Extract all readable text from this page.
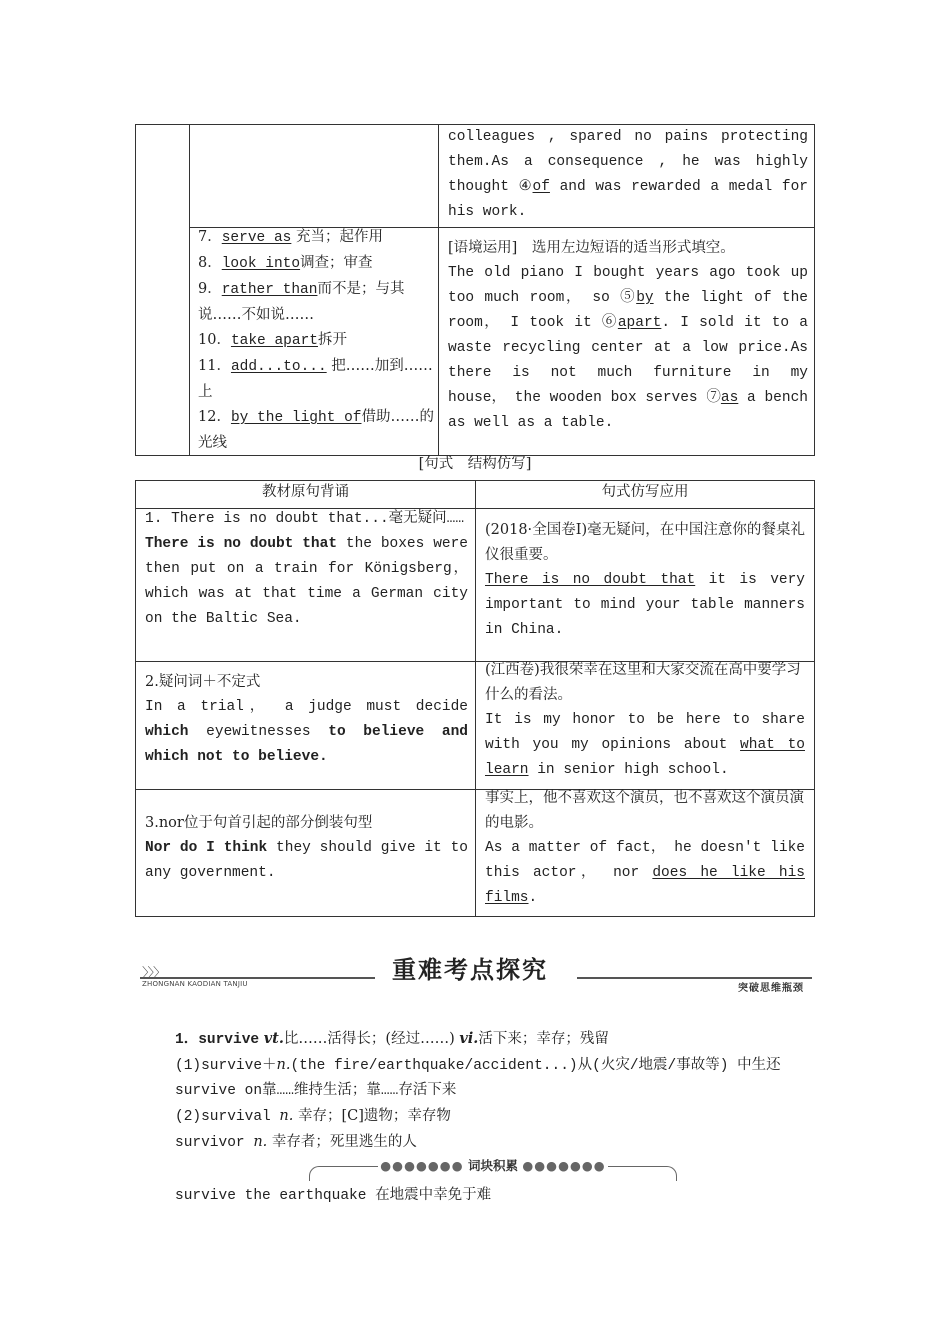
colleagues , spared no pains protecting
them.As a consequence , he was highly
thought ④of and was rewarded a medal for
his work.
7．serve as 充当；起作用
8．look into调查；审查
9．rather than而不是；与其说……不如说……
10．take apart拆开
11．add...to... 把……加到……上
12．by the light of借助……的光线
[语境运用]　选用左边短语的适当形式填空。
The old piano I bought years ago took up
too much room， so ⑤by the light of the
room， I took it ⑥apart. I sold it to a
waste recycling center at a low price.As
there is not much furniture in my
house， the wooden box serves ⑦as a bench
as well as a table.
[句式　结构仿写]
教材原句背诵	句式仿写应用
1. There is no doubt that...毫无疑问……
There is no doubt that the boxes were then put on a train for Königsberg， which was at that time a German city on the Baltic Sea.
(2018·全国卷Ⅰ)毫无疑问，在中国注意你的餐桌礼仪很重要。
There is no doubt that it is very important to mind your table manners in China.
2.疑问词＋不定式
In a trial， a judge must decide which eyewitnesses to believe and which not to believe.
(江西卷)我很荣幸在这里和大家交流在高中要学习什么的看法。
It is my honor to be here to share with you my opinions about what to learn in senior high school.
3.nor位于句首引起的部分倒装句型
Nor do I think they should give it to any government.
事实上，他不喜欢这个演员，也不喜欢这个演员演的电影。
As a matter of fact， he doesn't like this actor， nor does he like his films.
〉〉〉
ZHONGNAN KAODIAN TANJIU	重难考点探究
突破思维瓶颈
1．survive vt.比……活得长；(经过……) vi.活下来；幸存；残留
(1)survive＋n.(the fire/earthquake/accident...)从(火灾/地震/事故等) 中生还
survive on靠……维持生活；靠……存活下来
(2)survival n. 幸存；[C]遗物；幸存物
survivor n. 幸存者；死里逃生的人
●●●●●●● 词块积累 ●●●●●●●
survive the earthquake 在地震中幸免于难
